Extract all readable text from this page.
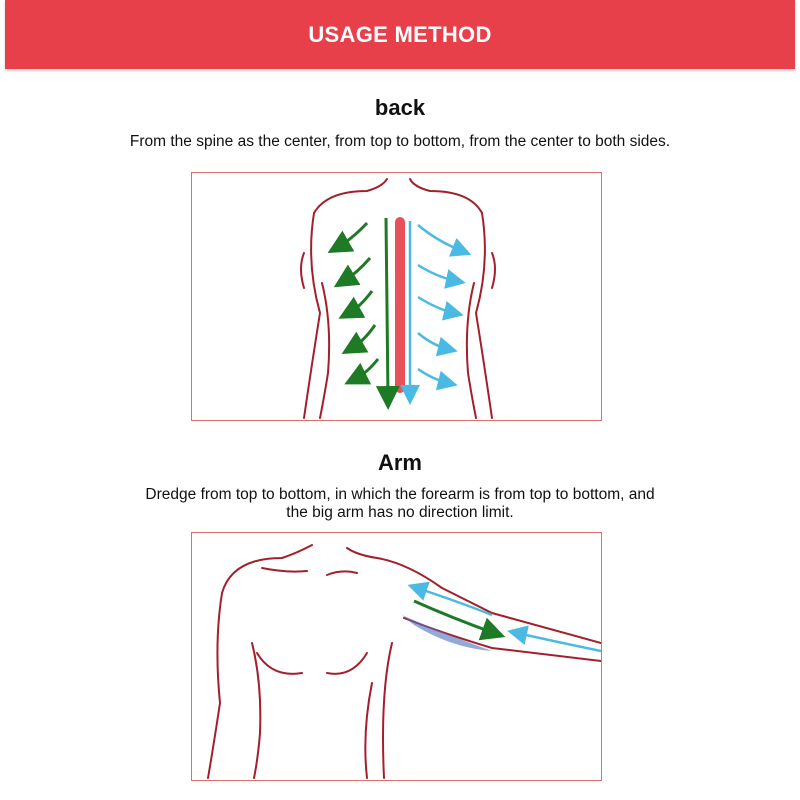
USAGE METHOD
back
From the spine as the center, from top to bottom, from the center to both sides.
Arm
Dredge from top to bottom, in which the forearm is from top to bottom, and
the big arm has no direction limit.
